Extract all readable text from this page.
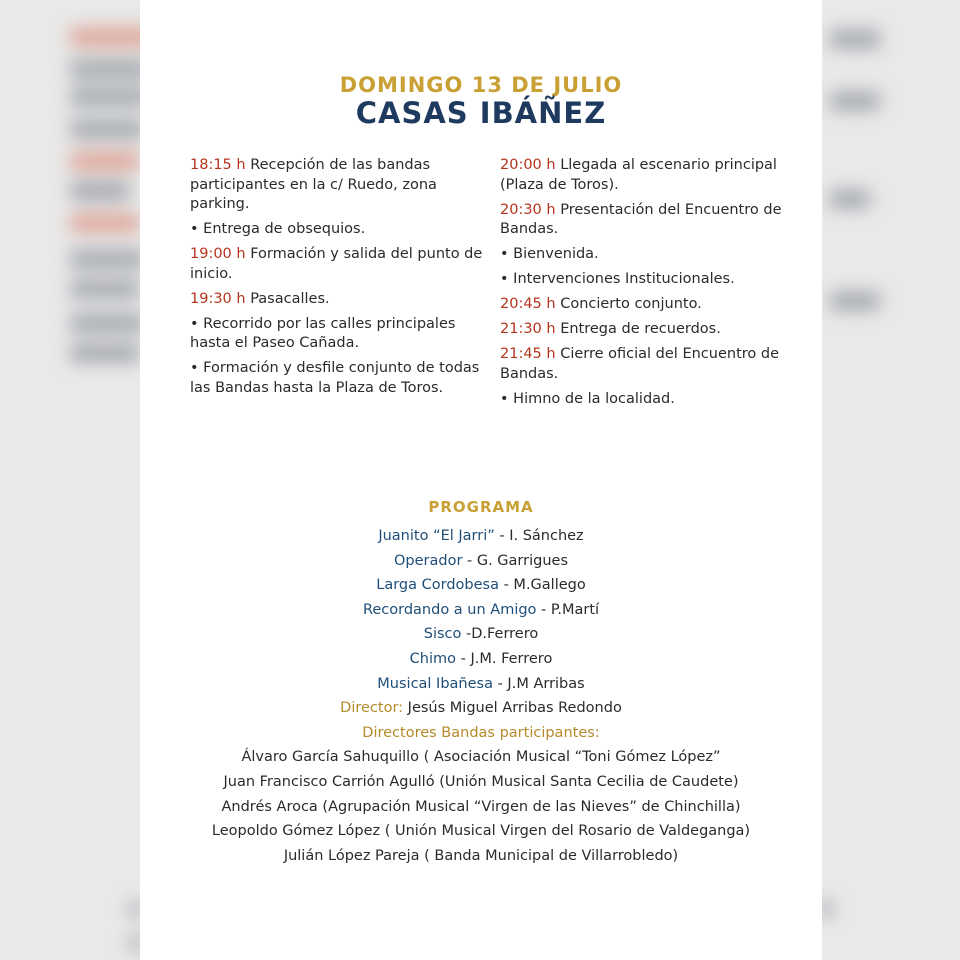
DOMINGO 13 DE JULIO
CASAS IBÁÑEZ
18:15 h Recepción de las bandas participantes en la c/ Ruedo, zona parking.
• Entrega de obsequios.
19:00 h Formación y salida del punto de inicio.
19:30 h Pasacalles.
• Recorrido por las calles principales hasta el Paseo Cañada.
• Formación y desfile conjunto de todas las Bandas hasta la Plaza de Toros.
20:00 h Llegada al escenario principal (Plaza de Toros).
20:30 h Presentación del Encuentro de Bandas.
• Bienvenida.
• Intervenciones Institucionales.
20:45 h Concierto conjunto.
21:30 h Entrega de recuerdos.
21:45 h Cierre oficial del Encuentro de Bandas.
• Himno de la localidad.
PROGRAMA
Juanito “El Jarri” - I. Sánchez
Operador - G. Garrigues
Larga Cordobesa - M.Gallego
Recordando a un Amigo - P.Martí
Sisco -D.Ferrero
Chimo - J.M. Ferrero
Musical Ibañesa - J.M Arribas
Director: Jesús Miguel Arribas Redondo
Directores Bandas participantes:
Álvaro García Sahuquillo ( Asociación Musical “Toni Gómez López”
Juan Francisco Carrión Agulló (Unión Musical Santa Cecilia de Caudete)
Andrés Aroca (Agrupación Musical “Virgen de las Nieves” de Chinchilla)
Leopoldo Gómez López ( Unión Musical Virgen del Rosario de Valdeganga)
Julián López Pareja ( Banda Municipal de Villarrobledo)
